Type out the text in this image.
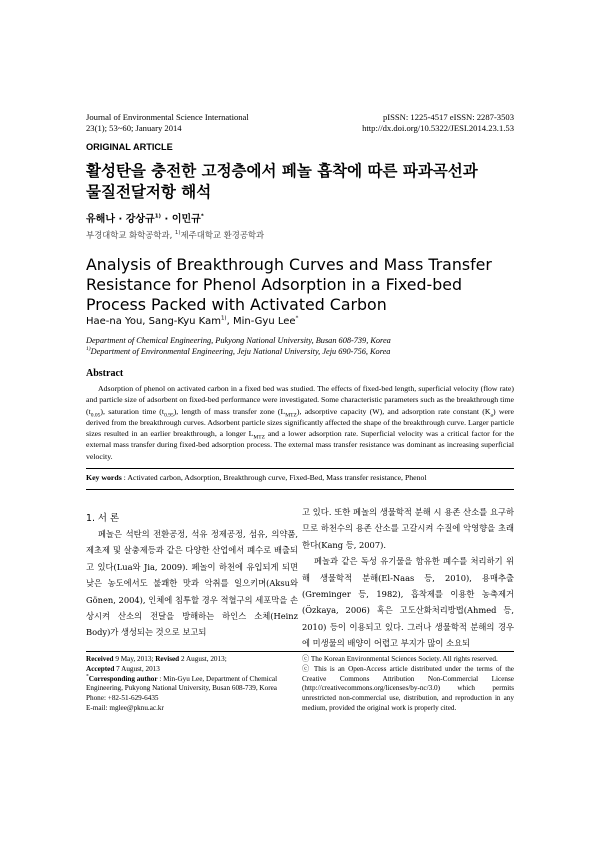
Journal of Environmental Science International
23(1); 53~60; January 2014
pISSN: 1225-4517 eISSN: 2287-3503
http://dx.doi.org/10.5322/JESI.2014.23.1.53
ORIGINAL ARTICLE
활성탄을 충전한 고정층에서 페놀 흡착에 따른 파과곡선과
물질전달저항 해석
유해나 · 강상규$^{1)}$ · 이민규*
부경대학교 화학공학과, $^{1)}$제주대학교 환경공학과
Analysis of Breakthrough Curves and Mass Transfer Resistance for Phenol Adsorption in a Fixed-bed Process Packed with Activated Carbon
Hae-na You, Sang-Kyu Kam$^{1)}$, Min-Gyu Lee*
Department of Chemical Engineering, Pukyong National University, Busan 608-739, Korea
$^{1)}$Department of Environmental Engineering, Jeju National University, Jeju 690-756, Korea
Abstract
Adsorption of phenol on activated carbon in a fixed bed was studied. The effects of fixed-bed length, superficial velocity (flow rate) and particle size of adsorbent on fixed-bed performance were investigated. Some characteristic parameters such as the breakthrough time $(t_{0.05})$, saturation time $(t_{0.95})$, length of mass transfer zone $(L_{MTZ})$, adsorptive capacity (W), and adsorption rate constant $(K_a)$ were derived from the breakthrough curves. Adsorbent particle sizes significantly affected the shape of the breakthrough curve. Larger particle sizes resulted in an earlier breakthrough, a longer $L_{MTZ}$ and a lower adsorption rate. Superficial velocity was a critical factor for the external mass transfer during fixed-bed adsorption process. The external mass transfer resistance was dominant as increasing superficial velocity.
Key words : Activated carbon, Adsorption, Breakthrough curve, Fixed-Bed, Mass transfer resistance, Phenol
1. 서 론

페놀은 석탄의 전환공정, 석유 정제공정, 섬유, 의약품, 제초제 및 살충제등과 같은 다양한 산업에서 폐수로 배출되고 있다(Lua와 Jia, 2009). 페놀이 하천에 유입되게 되면 낮은 농도에서도 불쾌한 맛과 악취를 일으키며(Aksu와 Gönen, 2004), 인체에 침투할 경우 적혈구의 세포막을 손상시켜 산소의 전달을 방해하는 하인스 소체(Heinz Body)가 생성되는 것으로 보고되

고 있다. 또한 페놀의 생물학적 분해 시 용존 산소를 요구하므로 하천수의 용존 산소를 고갈시켜 수질에 악영향을 초래한다(Kang 등, 2007).

페놀과 같은 독성 유기물을 함유한 폐수를 처리하기 위해 생물학적 분해(El-Naas 등, 2010), 용매추출(Greminger 등, 1982), 흡착제를 이용한 농축제거(Özkaya, 2006) 혹은 고도산화처리방법(Ahmed 등, 2010) 등이 이용되고 있다. 그러나 생물학적 분해의 경우에 미생물의 배양이 어렵고 부지가 많이 소요되

Received 9 May, 2013; Revised 2 August, 2013;
Accepted 7 August, 2013
*Corresponding author : Min-Gyu Lee, Department of Chemical Engineering, Pukyong National University, Busan 608-739, Korea
Phone: +82-51-629-6435
E-mail: mglee@pknu.ac.kr
ⓒ The Korean Environmental Sciences Society. All rights reserved.
ⓒ This is an Open-Access article distributed under the terms of the Creative Commons Attribution Non-Commercial License (http://creativecommons.org/licenses/by-nc/3.0) which permits unrestricted non-commercial use, distribution, and reproduction in any medium, provided the original work is properly cited.
